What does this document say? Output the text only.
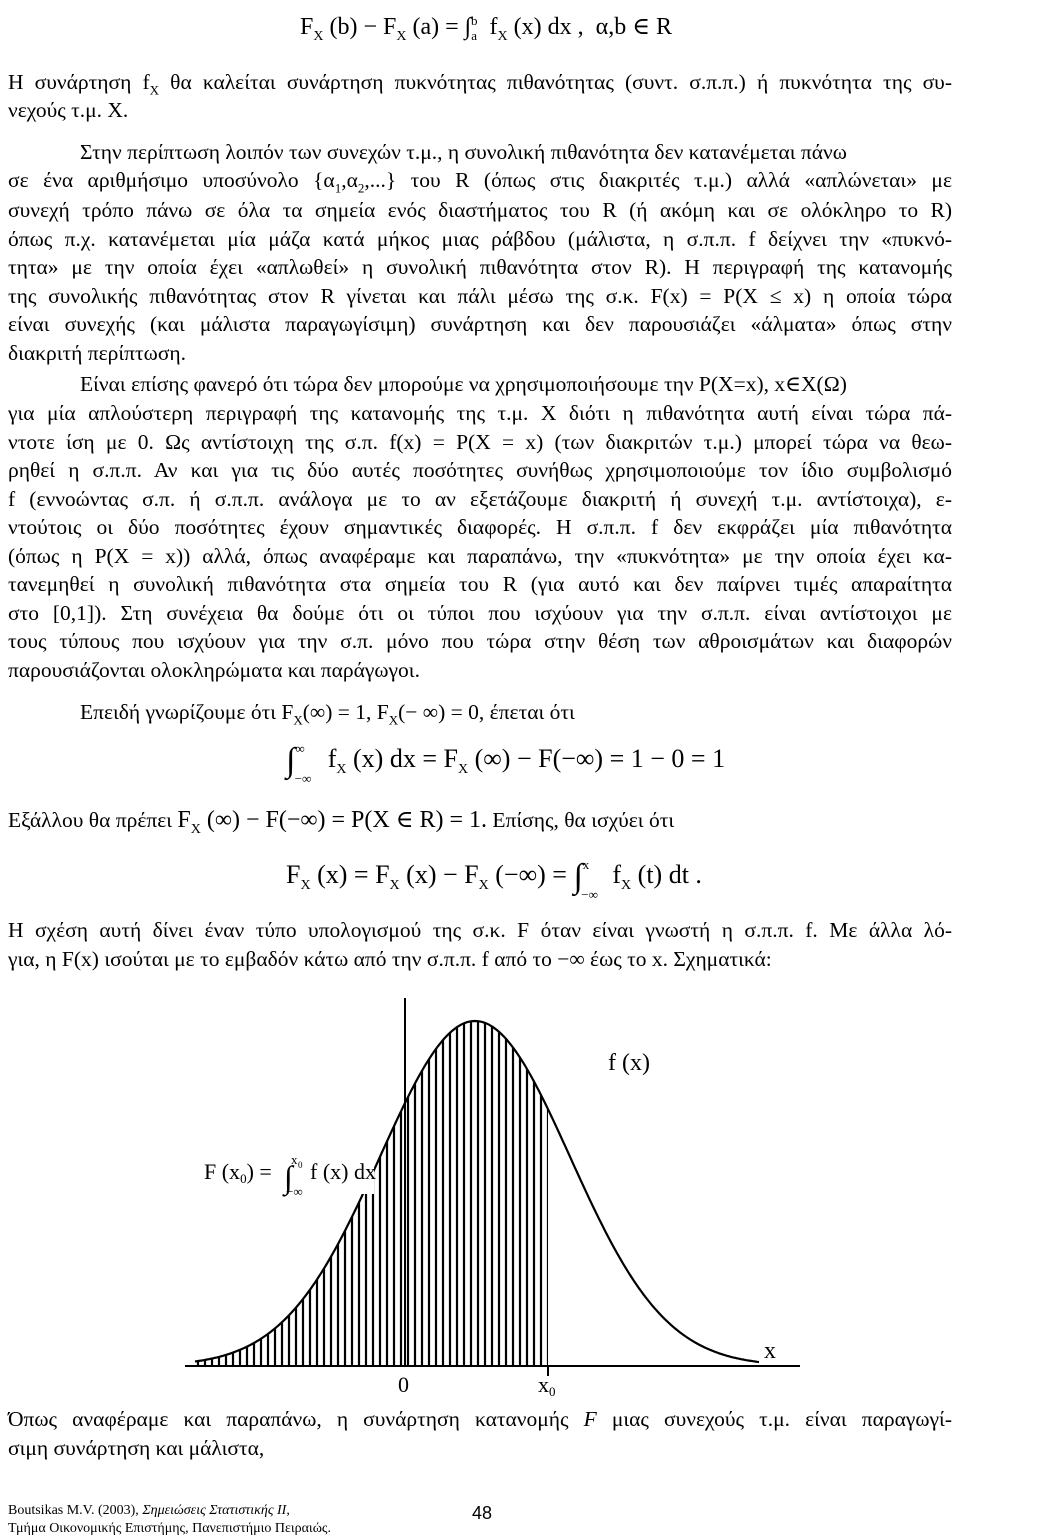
$F_X$ $(b) - F_X$ $(a) = \int_a^b$ $f_X$ (x) dx ,  α,b ∈ R
Η συνάρτηση $f_X$ θα καλείται συνάρτηση πυκνότητας πιθανότητας (συντ. σ.π.π.) ή πυκνότητα της συ-
νεχούς τ.μ. Χ.
Στην περίπτωση λοιπόν των συνεχών τ.μ., η συνολική πιθανότητα δεν κατανέμεται πάνω
σε ένα αριθμήσιμο υποσύνολο $\{\alpha_1,\alpha_2,...\}$ του R (όπως στις διακριτές τ.μ.) αλλά «απλώνεται» με
συνεχή τρόπο πάνω σε όλα τα σημεία ενός διαστήματος του R (ή ακόμη και σε ολόκληρο το R)
όπως π.χ. κατανέμεται μία μάζα κατά μήκος μιας ράβδου (μάλιστα, η σ.π.π. f δείχνει την «πυκνό-
τητα» με την οποία έχει «απλωθεί» η συνολική πιθανότητα στον R). Η περιγραφή της κατανομής
της συνολικής πιθανότητας στον R γίνεται και πάλι μέσω της σ.κ. F(x) = P(X ≤ x) η οποία τώρα
είναι συνεχής (και μάλιστα παραγωγίσιμη) συνάρτηση και δεν παρουσιάζει «άλματα» όπως στην
διακριτή περίπτωση.
Είναι επίσης φανερό ότι τώρα δεν μπορούμε να χρησιμοποιήσουμε την P(X=x), x∈X(Ω)
για μία απλούστερη περιγραφή της κατανομής της τ.μ. X διότι η πιθανότητα αυτή είναι τώρα πά-
ντοτε ίση με 0. Ως αντίστοιχη της σ.π. f(x) = P(X = x) (των διακριτών τ.μ.) μπορεί τώρα να θεω-
ρηθεί η σ.π.π. Αν και για τις δύο αυτές ποσότητες συνήθως χρησιμοποιούμε τον ίδιο συμβολισμό
f (εννοώντας σ.π. ή σ.π.π. ανάλογα με το αν εξετάζουμε διακριτή ή συνεχή τ.μ. αντίστοιχα), ε-
ντούτοις οι δύο ποσότητες έχουν σημαντικές διαφορές. Η σ.π.π. f δεν εκφράζει μία πιθανότητα
(όπως η P(X = x)) αλλά, όπως αναφέραμε και παραπάνω, την «πυκνότητα» με την οποία έχει κα-
τανεμηθεί η συνολική πιθανότητα στα σημεία του R (για αυτό και δεν παίρνει τιμές απαραίτητα
στο [0,1]). Στη συνέχεια θα δούμε ότι οι τύποι που ισχύουν για την σ.π.π. είναι αντίστοιχοι με
τους τύπους που ισχύουν για την σ.π. μόνο που τώρα στην θέση των αθροισμάτων και διαφορών
παρουσιάζονται ολοκληρώματα και παράγωγοι.
Επειδή γνωρίζουμε ότι $F_X(\infty) = 1$, $F_X(-$ ∞) = 0, έπεται ότι
$\int^\infty_{-\infty}$ $f_X$ (x) dx = $F_X$ (∞) − F(−∞) = 1 − 0 = 1
Εξάλλου θα πρέπει $F_X$ (∞) − F(−∞) = P(X ∈ R) = 1. Επίσης, θα ισχύει ότι
$F_X$ $(x) = F_X$ $(x) - F_X$ (−∞) = ∫$^x_{-\infty}$ $f_X$ (t) dt .
Η σχέση αυτή δίνει έναν τύπο υπολογισμού της σ.κ. F όταν είναι γνωστή η σ.π.π. f. Με άλλα λό-
για, η F(x) ισούται με το εμβαδόν κάτω από την σ.π.π. f από το −∞ έως το x. Σχηματικά:
f (x)
x
0	x0
F (x0) = ∫
x 0
−∞
f (x) dx
Όπως αναφέραμε και παραπάνω, η συνάρτηση κατανομής F μιας συνεχούς τ.μ. είναι παραγωγί-
σιμη συνάρτηση και μάλιστα,
Boutsikas M.V. (2003), Σημειώσεις Στατιστικής ΙΙ,
Τμήμα Οικονομικής Επιστήμης, Πανεπιστήμιο Πειραιώς.
48
